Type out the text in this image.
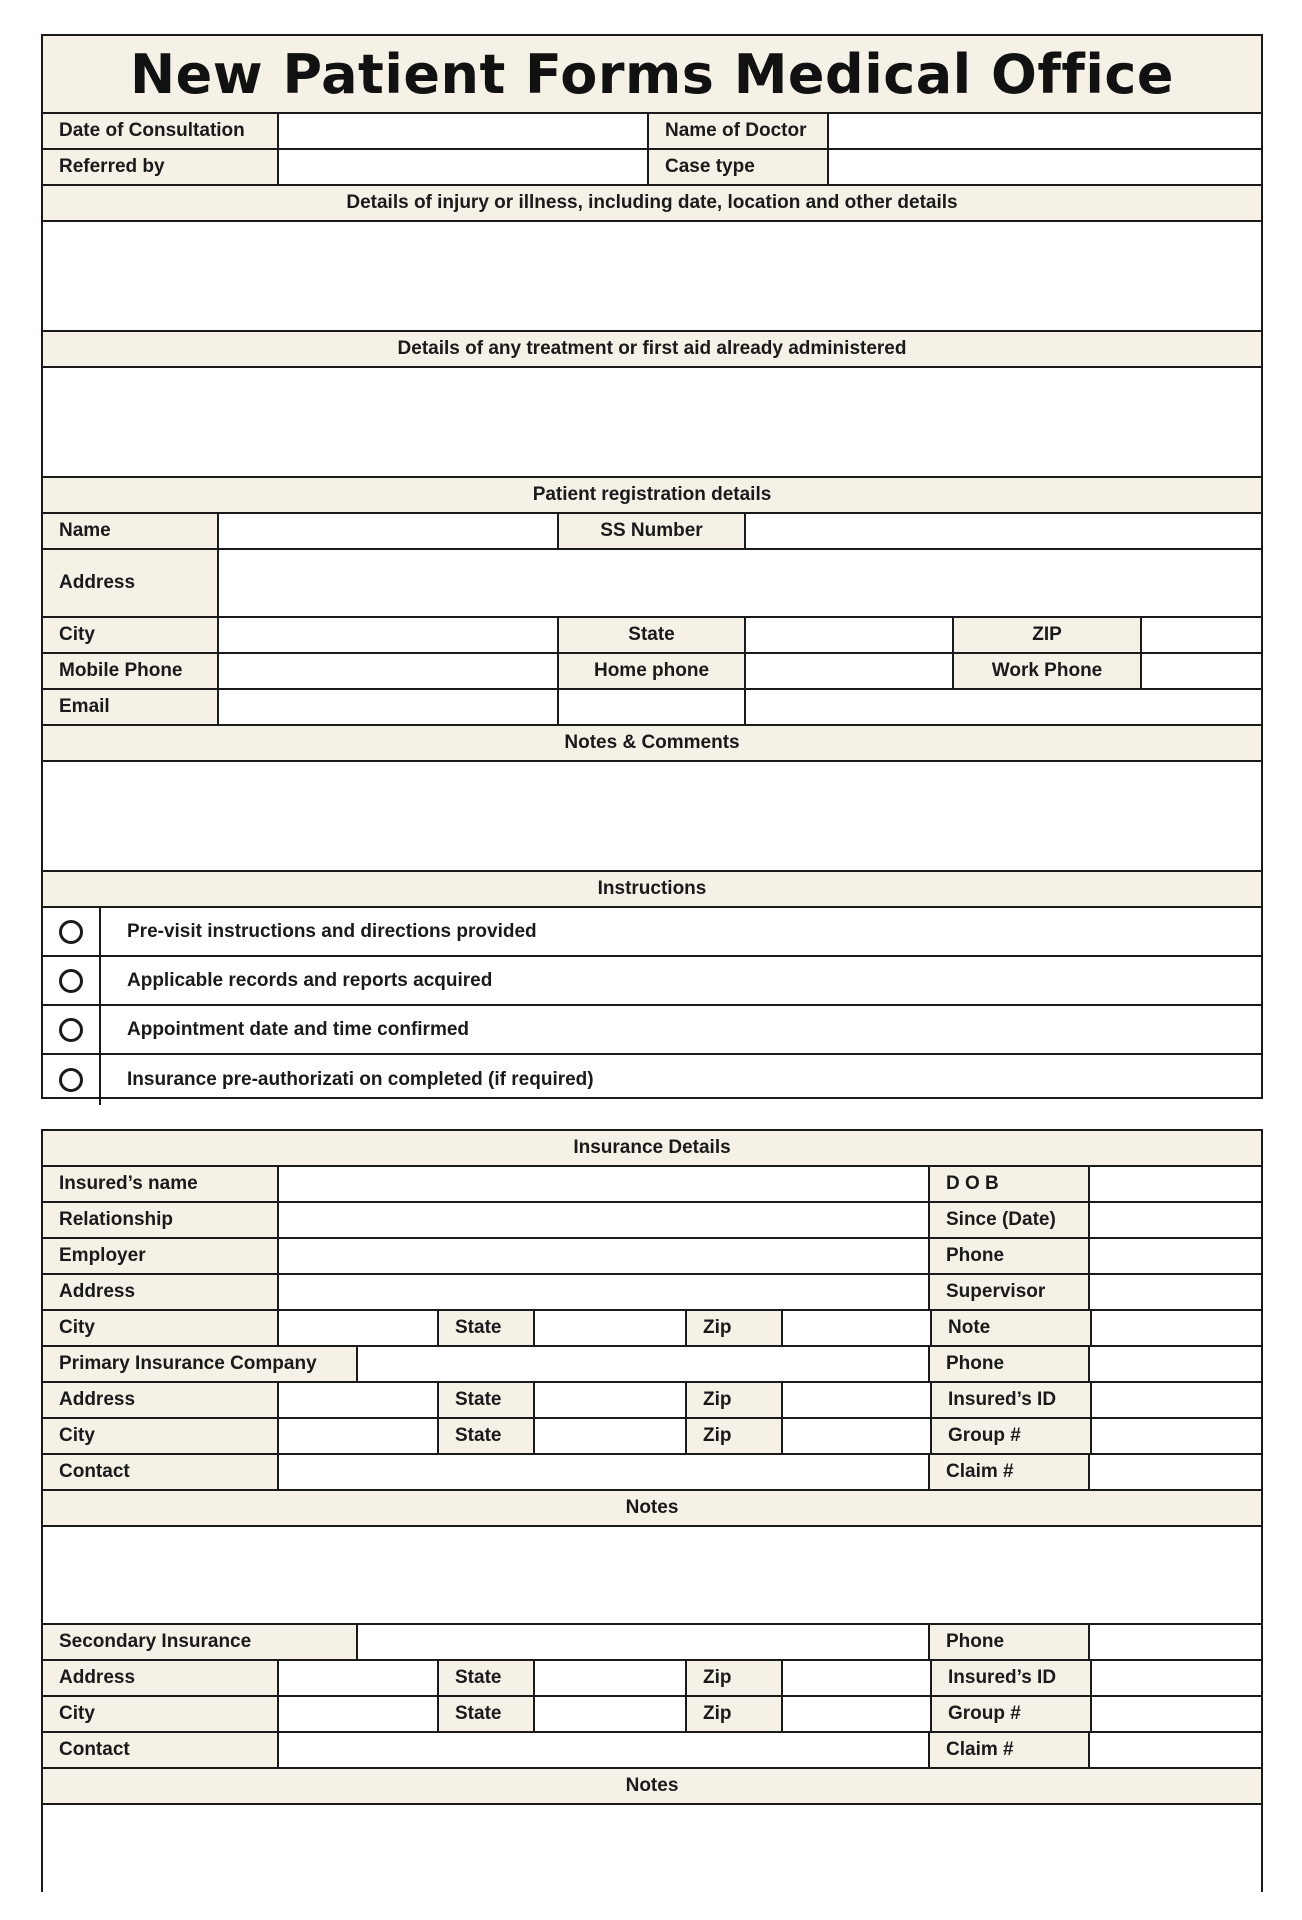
New Patient Forms Medical Office
Date of Consultation	Name of Doctor
Referred by	Case type
Details of injury or illness, including date, location and other details
Details of any treatment or first aid already administered
Patient registration details
Name	SS Number
Address
City	State	ZIP
Mobile Phone	Home phone	Work Phone
Email
Notes & Comments
Instructions
Pre-visit instructions and directions provided
Applicable records and reports acquired
Appointment date and time confirmed
Insurance pre-authorizati on completed (if required)
Insurance Details
Insured’s name	D O B
Relationship	Since (Date)
Employer	Phone
Address	Supervisor
City	State	Zip	Note
Primary Insurance Company	Phone
Address	State	Zip	Insured’s ID
City	State	Zip	Group #
Contact	Claim #
Notes
Secondary Insurance	Phone
Address	State	Zip	Insured’s ID
City	State	Zip	Group #
Contact	Claim #
Notes
